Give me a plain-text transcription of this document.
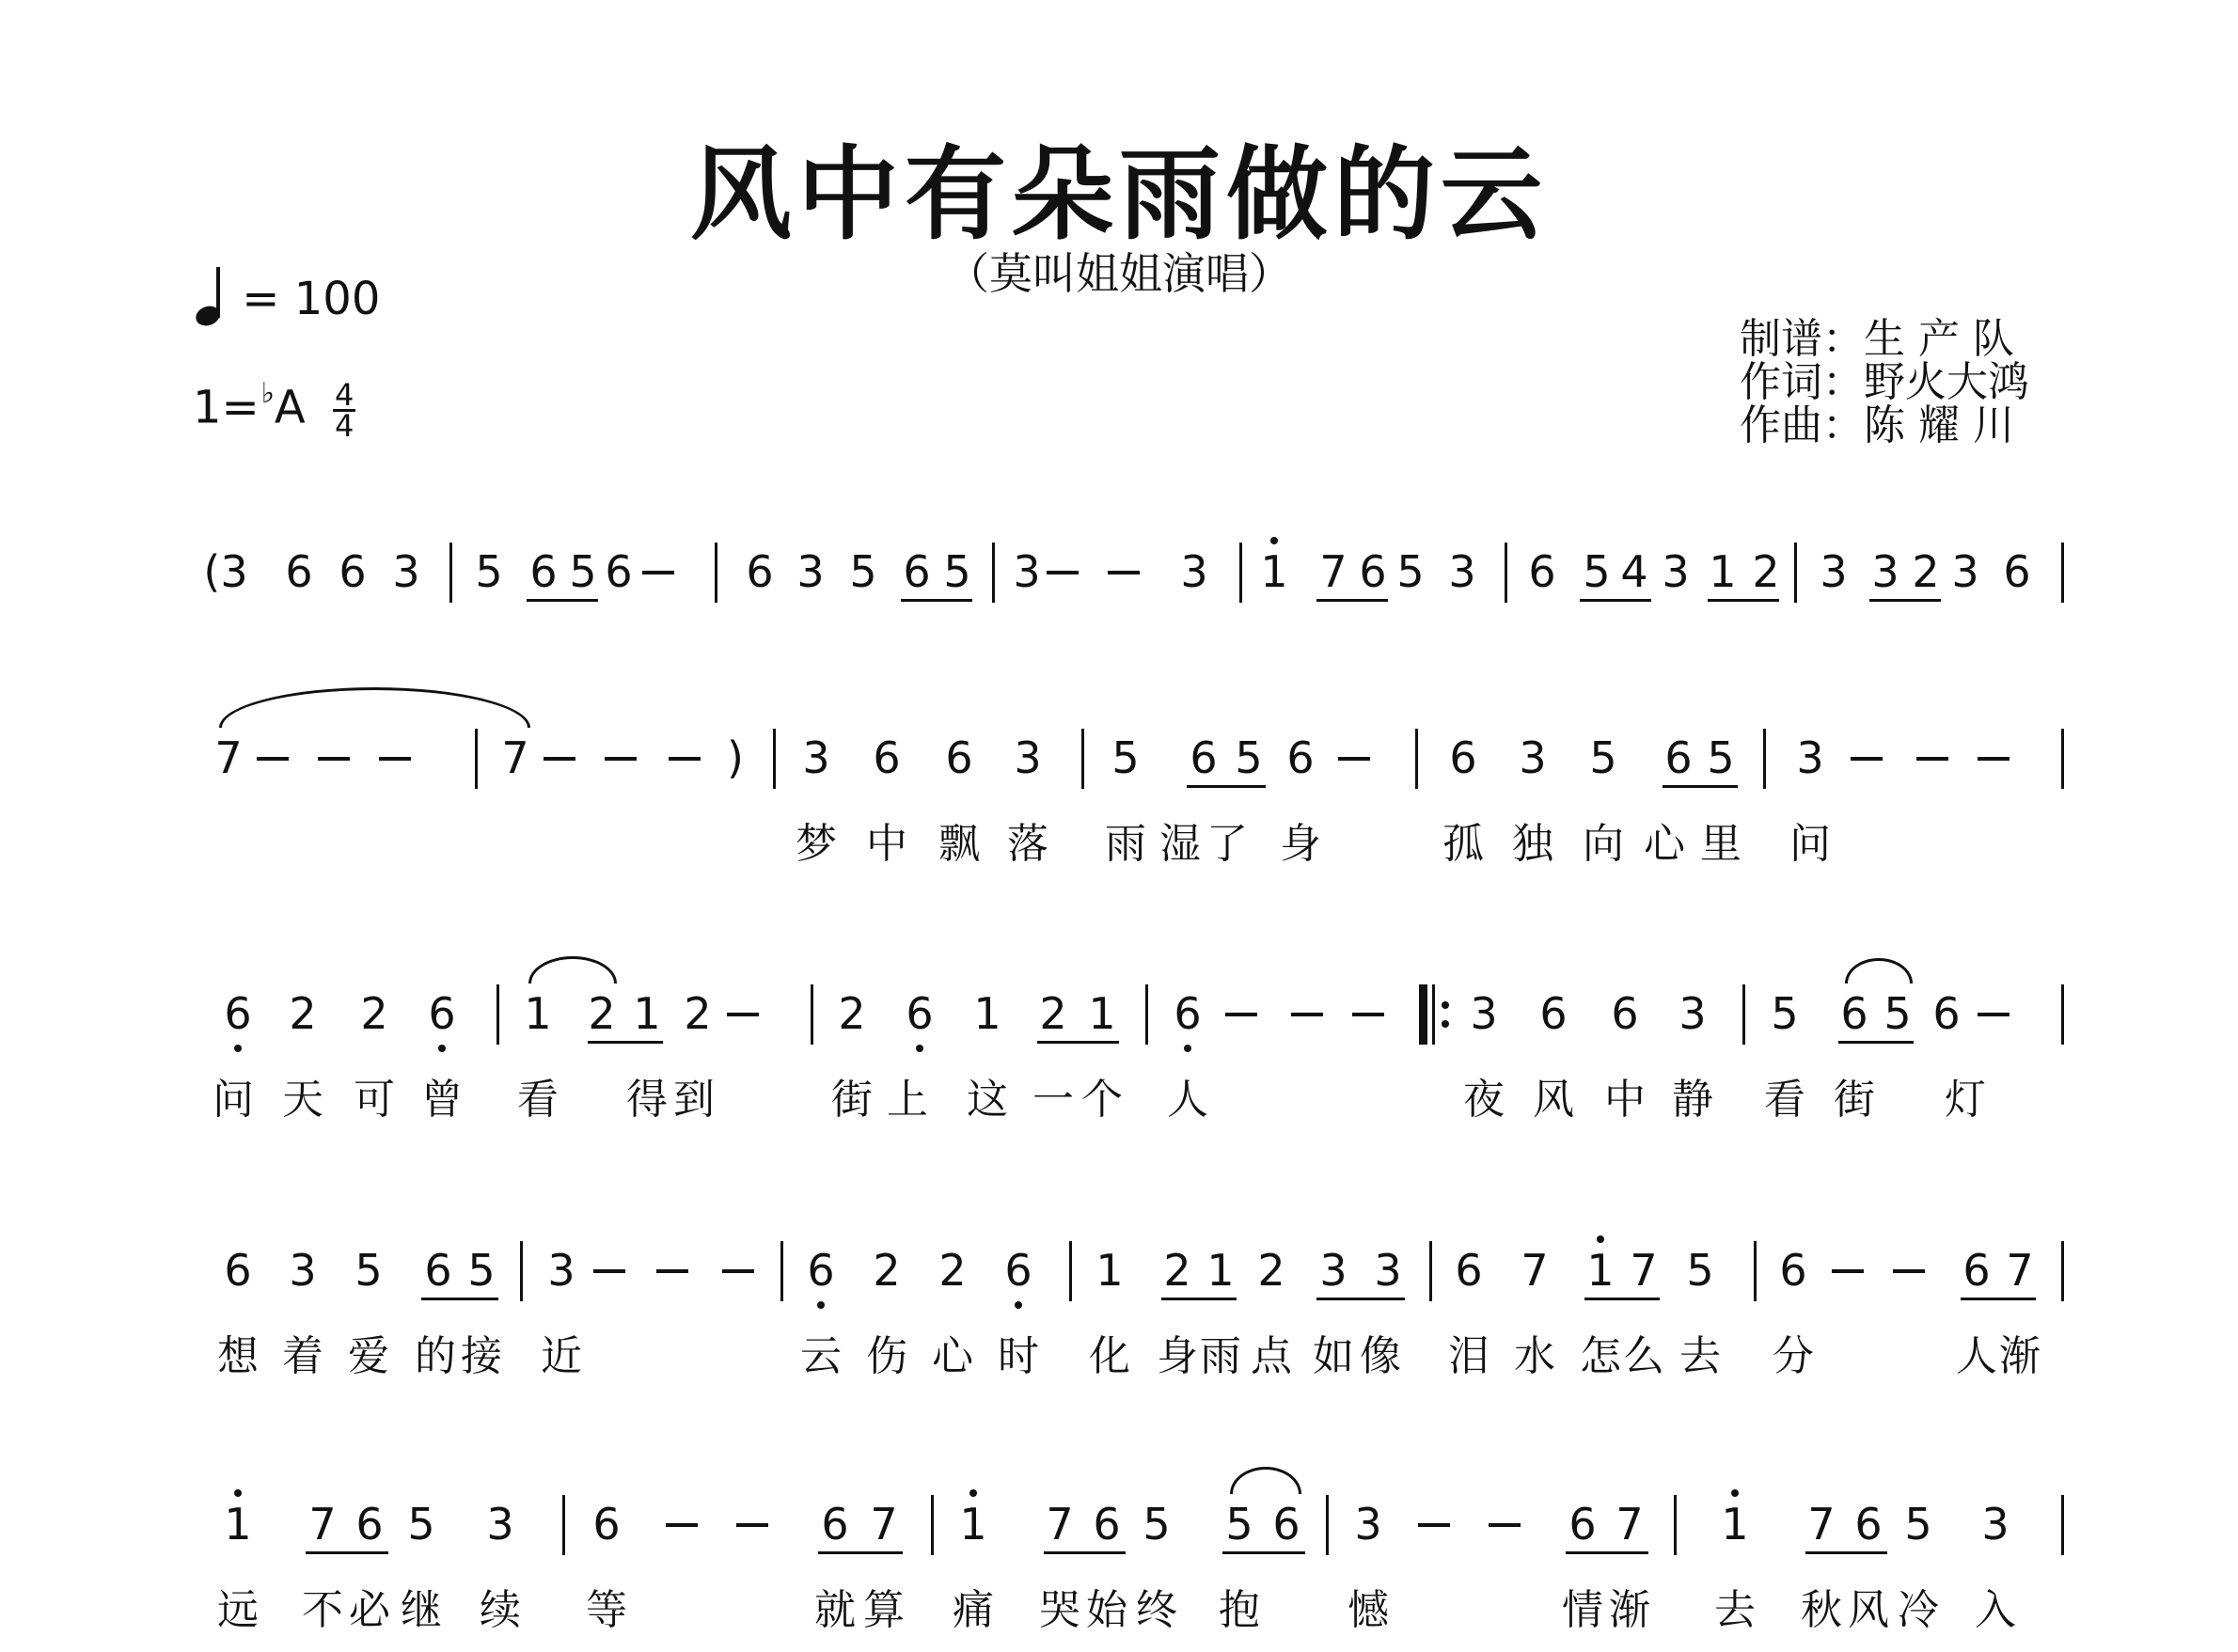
风中有朵雨做的云
（莫叫姐姐演唱）
= 100
$1=^♭A \frac{4}{4}$
制谱：生 产 队
作词：野火大鸿
作曲：陈 耀 川
(3 6 6 3 5 6 5 6	6 3 5 6 5 3	3 1 7 6 5 3 6 5 4 3 1 2 3 3 2 3 6
7	7	) 3 6 6 3 5 6 5 6	6 3 5 6 5 3
梦 中 飘 落 雨 湿 了 身	孤 独 向 心 里 问
6 2 2 6 1 2 1 2	2 6 1 2 1 6	3 6 6 3 5 6 5 6
问 天 可 曾 看 得 到	街 上 这 一 个 人	夜 风 中 静 看 街 灯
6 3 5 6 5 3	6 2 2 6 1 2 1 2 3 3 6 7 1 7 5 6	6 7
想 着 爱 的 接 近	云 伤 心 时 化 身 雨 点 如 像 泪 水 怎 么 去 分	人 渐
1 7 6 5 3 6	6 7 1 7 6 5 5 6 3	6 7 1 7 6 5 3
远 不 必 继 续 等	就 算 痛 哭 始 终 抱 憾	情 渐 去 秋 风 冷 入
